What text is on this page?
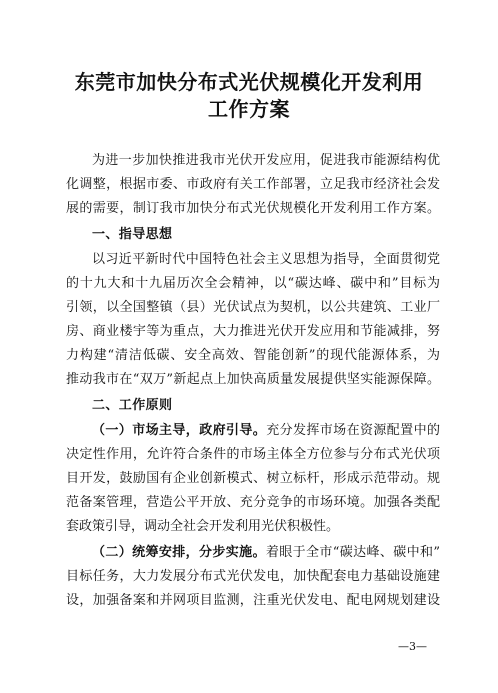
东莞市加快分布式光伏规模化开发利用
工作方案
为进一步加快推进我市光伏开发应用，促进我市能源结构优
化调整，根据市委、市政府有关工作部署，立足我市经济社会发
展的需要，制订我市加快分布式光伏规模化开发利用工作方案。
一、指导思想
以习近平新时代中国特色社会主义思想为指导，全面贯彻党
的十九大和十九届历次全会精神，以“碳达峰、碳中和”目标为
引领，以全国整镇（县）光伏试点为契机，以公共建筑、工业厂
房、商业楼宇等为重点，大力推进光伏开发应用和节能减排，努
力构建“清洁低碳、安全高效、智能创新”的现代能源体系，为
推动我市在“双万”新起点上加快高质量发展提供坚实能源保障。
二、工作原则
（一）市场主导，政府引导。充分发挥市场在资源配置中的
决定性作用，允许符合条件的市场主体全方位参与分布式光伏项
目开发，鼓励国有企业创新模式、树立标杆，形成示范带动。规
范备案管理，营造公平开放、充分竞争的市场环境。加强各类配
套政策引导，调动全社会开发利用光伏积极性。
（二）统筹安排，分步实施。着眼于全市“碳达峰、碳中和”
目标任务，大力发展分布式光伏发电，加快配套电力基础设施建
设，加强备案和并网项目监测，注重光伏发电、配电网规划建设
—3—
